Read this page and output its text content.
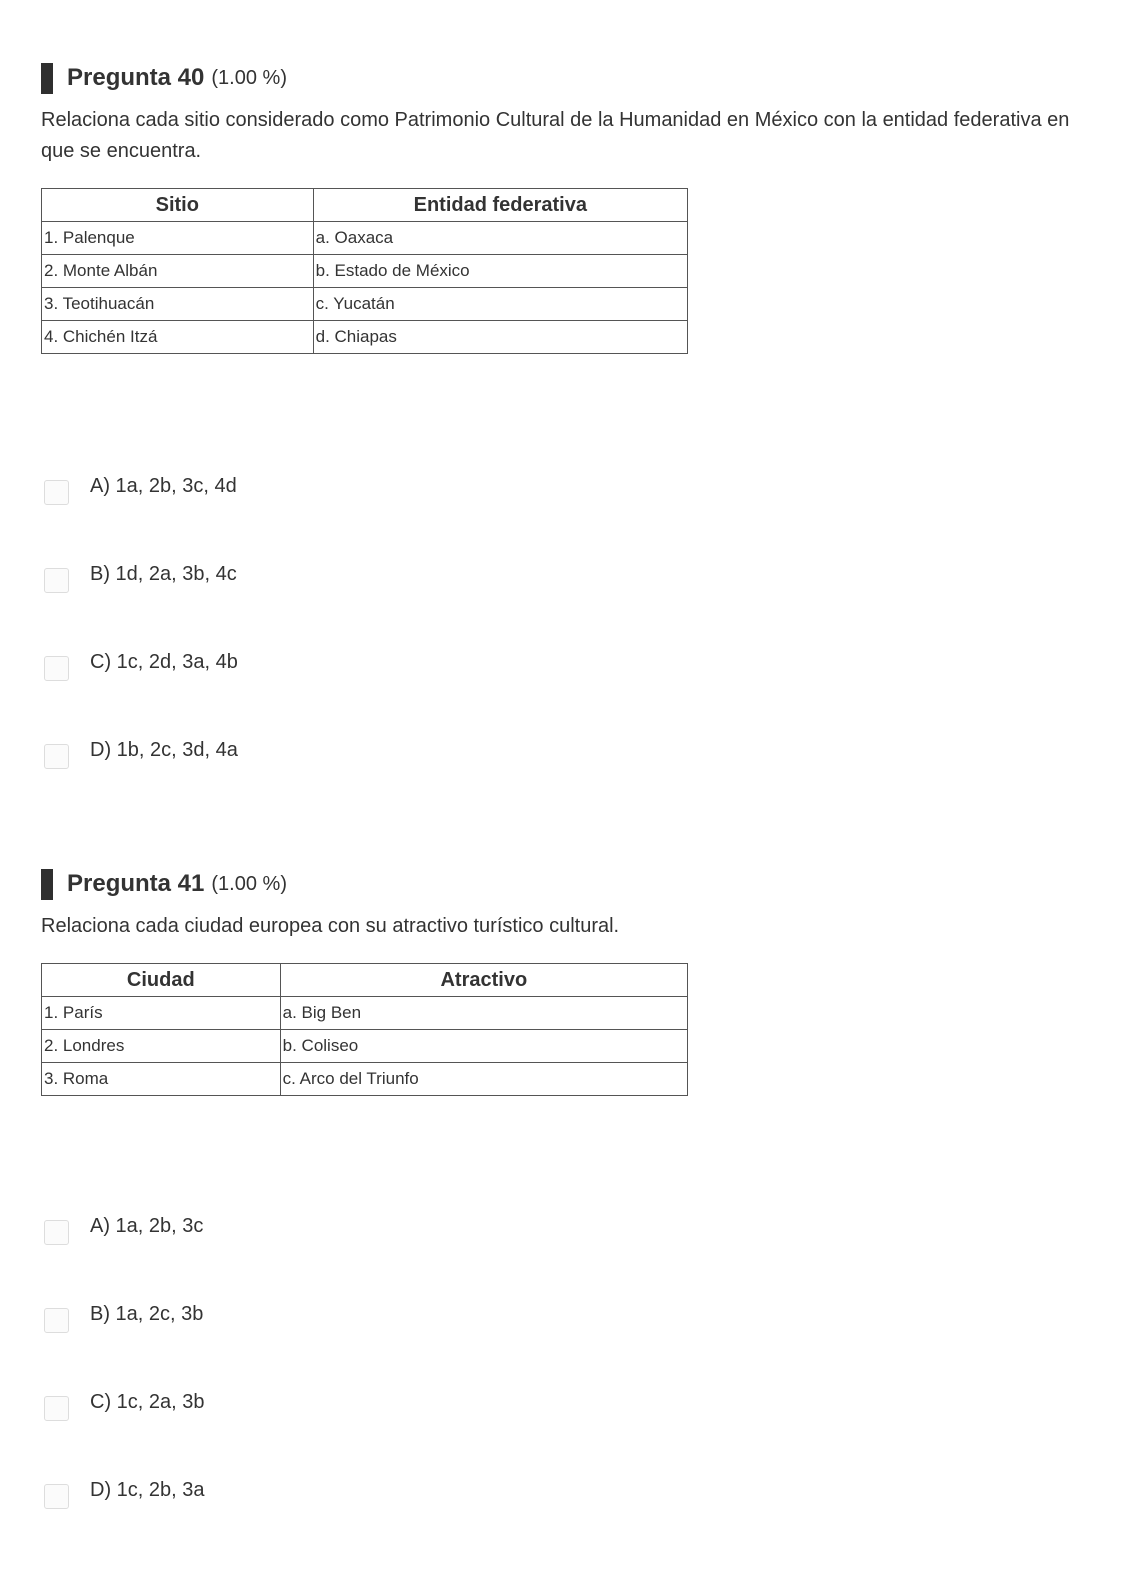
Pregunta 40 (1.00 %)

Relaciona cada sitio considerado como Patrimonio Cultural de la Humanidad en México con la entidad federativa en que se encuentra.

Sitio	Entidad federativa
1. Palenque	a. Oaxaca
2. Monte Albán	b. Estado de México
3. Teotihuacán	c. Yucatán
4. Chichén Itzá	d. Chiapas
A) 1a, 2b, 3c, 4d
B) 1d, 2a, 3b, 4c
C) 1c, 2d, 3a, 4b
D) 1b, 2c, 3d, 4a
Pregunta 41 (1.00 %)

Relaciona cada ciudad europea con su atractivo turístico cultural.

Ciudad	Atractivo
1. París	a. Big Ben
2. Londres	b. Coliseo
3. Roma	c. Arco del Triunfo
A) 1a, 2b, 3c
B) 1a, 2c, 3b
C) 1c, 2a, 3b
D) 1c, 2b, 3a
